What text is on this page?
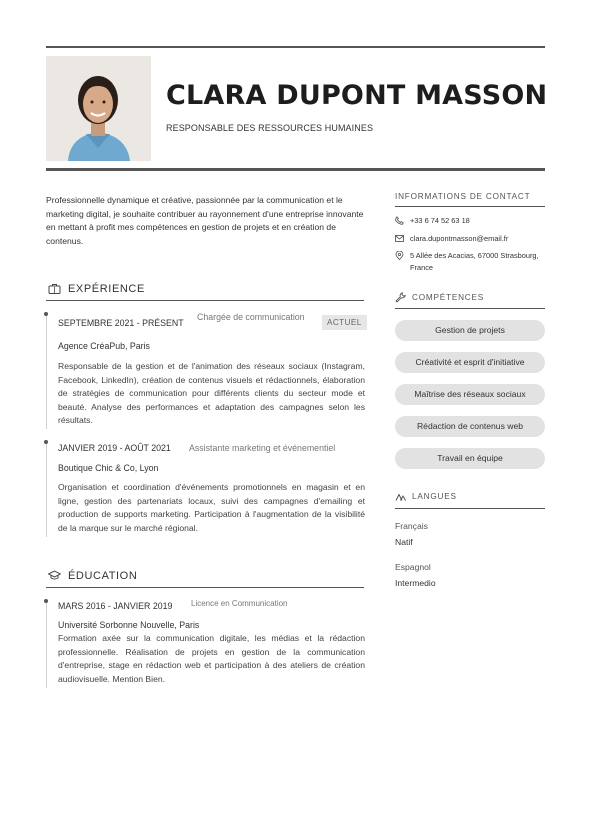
CLARA DUPONT MASSON
RESPONSABLE DES RESSOURCES HUMAINES
Professionnelle dynamique et créative, passionnée par la communication et le marketing digital, je souhaite contribuer au rayonnement d'une entreprise innovante en mettant à profit mes compétences en gestion de projets et en création de contenus.
EXPÉRIENCE
SEPTEMBRE 2021 - PRÉSENT
Chargée de communication
ACTUEL
Agence CréaPub, Paris
Responsable de la gestion et de l'animation des réseaux sociaux (Instagram, Facebook, LinkedIn), création de contenus visuels et rédactionnels, élaboration de stratégies de communication pour différents clients du secteur mode et beauté. Analyse des performances et adaptation des campagnes selon les résultats.
JANVIER 2019 - AOÛT 2021 Assistante marketing et événementiel
Boutique Chic & Co, Lyon
Organisation et coordination d'événements promotionnels en magasin et en ligne, gestion des partenariats locaux, suivi des campagnes d'emailing et production de supports marketing. Participation à l'augmentation de la visibilité de la marque sur le marché régional.
ÉDUCATION
MARS 2016 - JANVIER 2019 Licence en Communication
Université Sorbonne Nouvelle, Paris
Formation axée sur la communication digitale, les médias et la rédaction professionnelle. Réalisation de projets en gestion de la communication d'entreprise, stage en rédaction web et participation à des ateliers de création audiovisuelle. Mention Bien.
INFORMATIONS DE CONTACT
+33 6 74 52 63 18
clara.dupontmasson@email.fr
5 Allée des Acacias, 67000 Strasbourg, France
COMPÉTENCES
Gestion de projets
Créativité et esprit d'initiative
Maîtrise des réseaux sociaux
Rédaction de contenus web
Travail en équipe
LANGUES
Français
Natif
Espagnol
Intermedio
